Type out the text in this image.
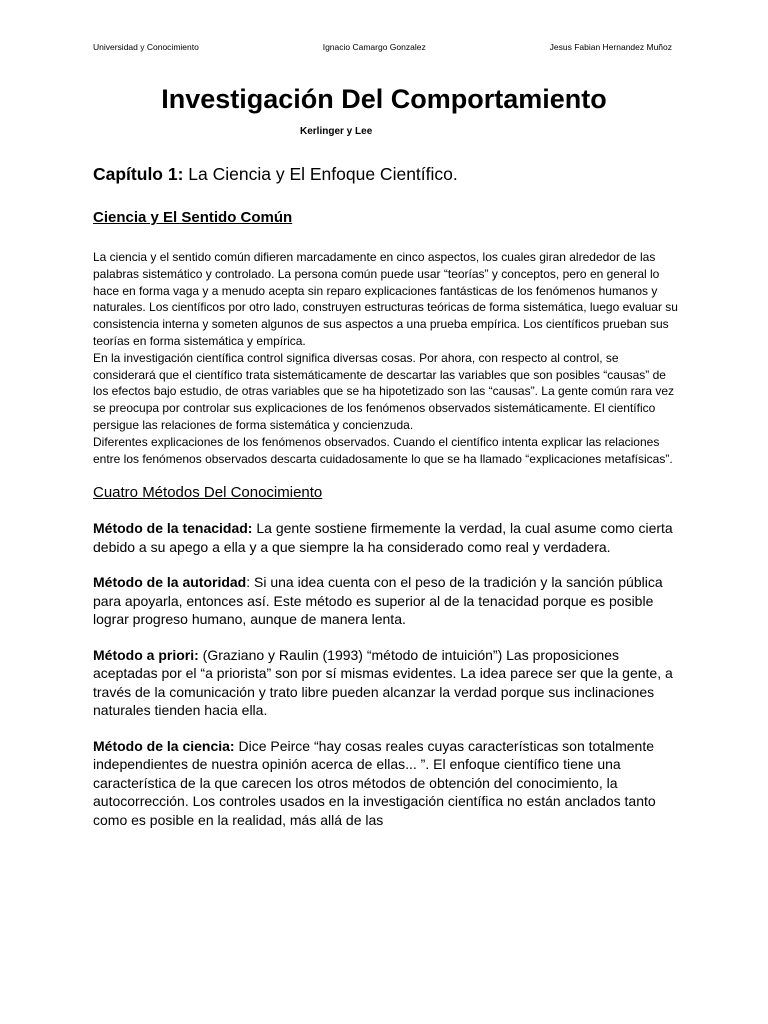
Universidad y Conocimiento	Ignacio Camargo Gonzalez	Jesus Fabian Hernandez Muñoz
Investigación Del Comportamiento
Kerlinger y Lee
Capítulo 1: La Ciencia y El Enfoque Científico.
Ciencia y El Sentido Común

La ciencia y el sentido común difieren marcadamente en cinco aspectos, los cuales giran alrededor de las palabras sistemático y controlado. La persona común puede usar “teorías” y conceptos, pero en general lo hace en forma vaga y a menudo acepta sin reparo explicaciones fantásticas de los fenómenos humanos y naturales. Los científicos por otro lado, construyen estructuras teóricas de forma sistemática, luego evaluar su consistencia interna y someten algunos de sus aspectos a una prueba empírica. Los científicos prueban sus teorías en forma sistemática y empírica.

En la investigación científica control significa diversas cosas. Por ahora, con respecto al control, se considerará que el científico trata sistemáticamente de descartar las variables que son posibles “causas” de los efectos bajo estudio, de otras variables que se ha hipotetizado son las “causas”. La gente común rara vez se preocupa por controlar sus explicaciones de los fenómenos observados sistemáticamente. El científico persigue las relaciones de forma sistemática y concienzuda.

Diferentes explicaciones de los fenómenos observados. Cuando el científico intenta explicar las relaciones entre los fenómenos observados descarta cuidadosamente lo que se ha llamado “explicaciones metafísicas”.

Cuatro Métodos Del Conocimiento

Método de la tenacidad: La gente sostiene firmemente la verdad, la cual asume como cierta debido a su apego a ella y a que siempre la ha considerado como real y verdadera.

Método de la autoridad: Si una idea cuenta con el peso de la tradición y la sanción pública para apoyarla, entonces así. Este método es superior al de la tenacidad porque es posible lograr progreso humano, aunque de manera lenta.

Método a priori: (Graziano y Raulin (1993) “método de intuición”) Las proposiciones aceptadas por el “a priorista” son por sí mismas evidentes. La idea parece ser que la gente, a través de la comunicación y trato libre pueden alcanzar la verdad porque sus inclinaciones naturales tienden hacia ella.

Método de la ciencia: Dice Peirce “hay cosas reales cuyas características son totalmente independientes de nuestra opinión acerca de ellas... ”. El enfoque científico tiene una característica de la que carecen los otros métodos de obtención del conocimiento, la autocorrección. Los controles usados en la investigación científica no están anclados tanto como es posible en la realidad, más allá de las
